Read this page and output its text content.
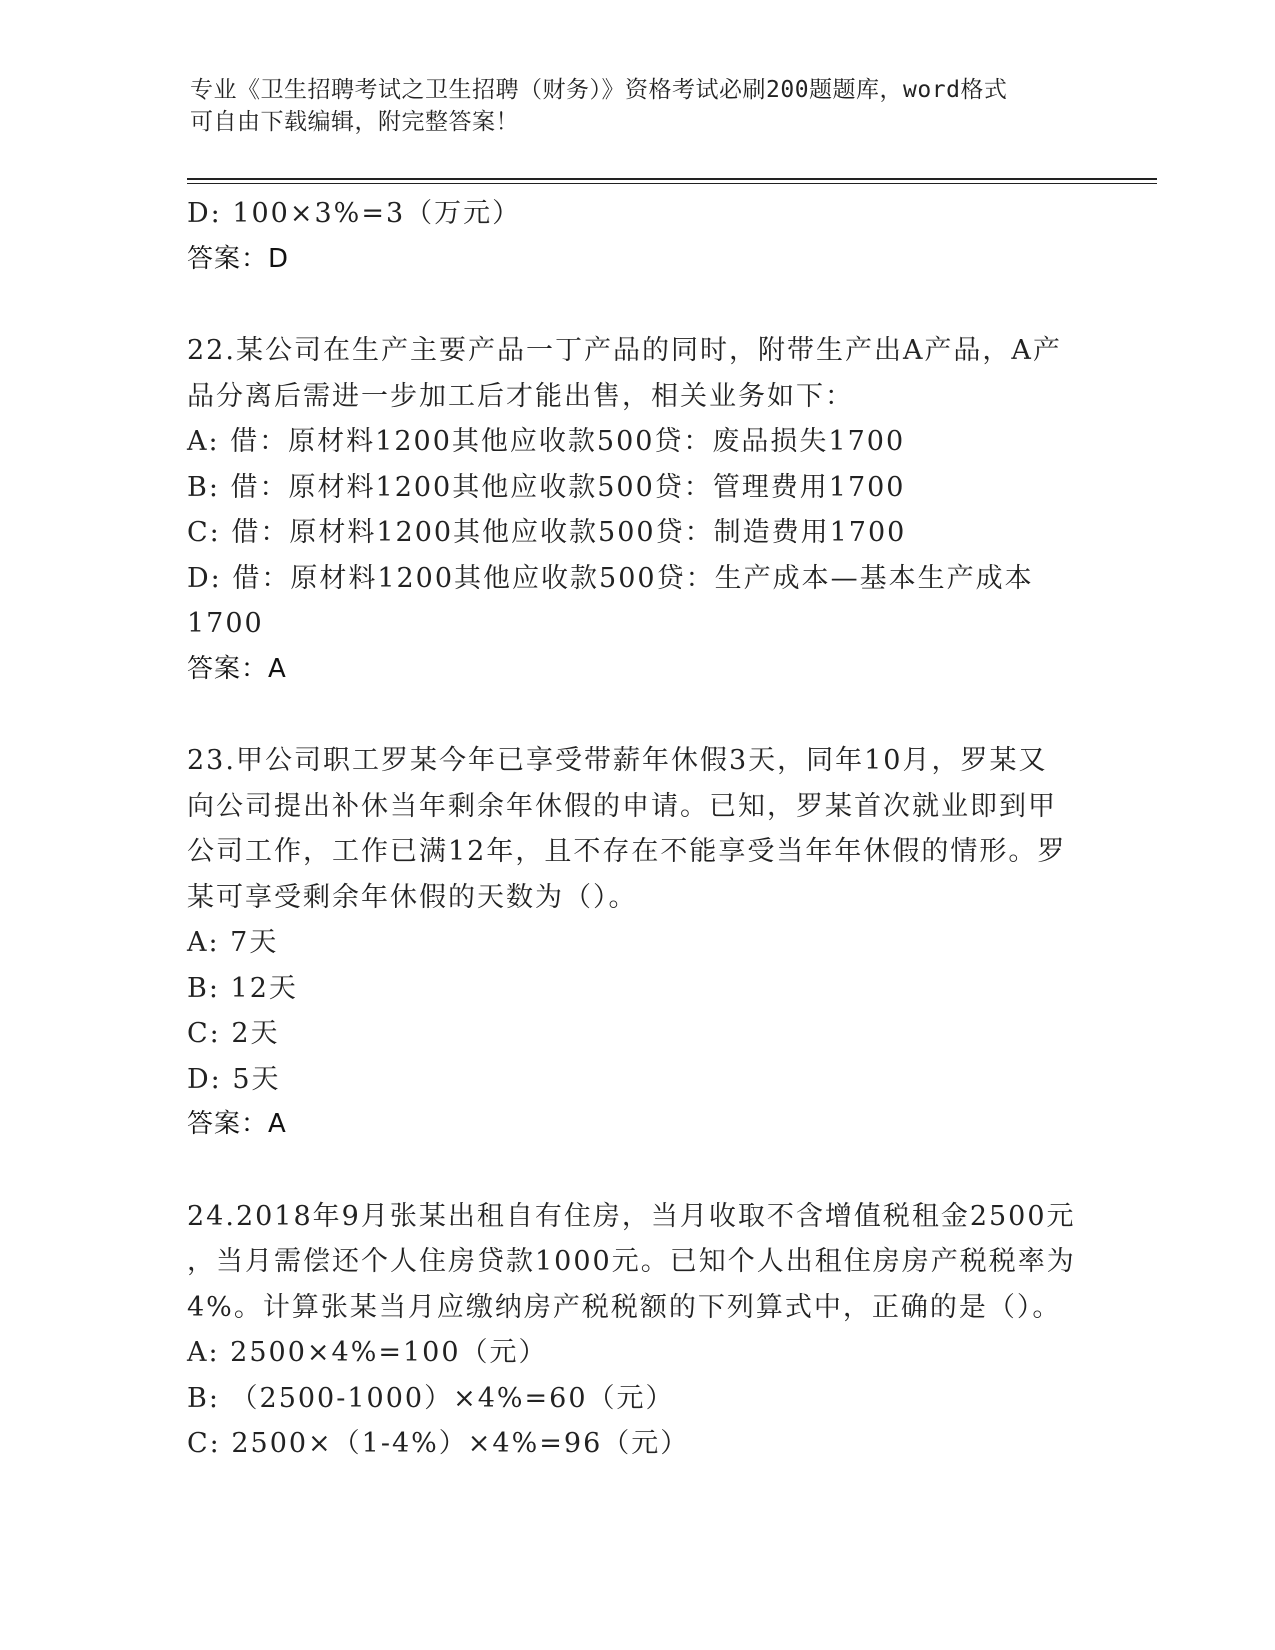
专业《卫生招聘考试之卫生招聘（财务）》资格考试必刷200题题库，word格式
可自由下载编辑，附完整答案！
D: 100×3%=3（万元）
答案：D
22.某公司在生产主要产品一丁产品的同时，附带生产出A产品，A产
品分离后需进一步加工后才能出售，相关业务如下：
A: 借：原材料1200其他应收款500贷：废品损失1700
B: 借：原材料1200其他应收款500贷：管理费用1700
C: 借：原材料1200其他应收款500贷：制造费用1700
D: 借：原材料1200其他应收款500贷：生产成本—基本生产成本
1700
答案：A
23.甲公司职工罗某今年已享受带薪年休假3天，同年10月，罗某又
向公司提出补休当年剩余年休假的申请。已知，罗某首次就业即到甲
公司工作，工作已满12年，且不存在不能享受当年年休假的情形。罗
某可享受剩余年休假的天数为（）。
A: 7天
B: 12天
C: 2天
D: 5天
答案：A
24.2018年9月张某出租自有住房，当月收取不含增值税租金2500元
，当月需偿还个人住房贷款1000元。已知个人出租住房房产税税率为
4%。计算张某当月应缴纳房产税税额的下列算式中，正确的是（）。
A: 2500×4%=100（元）
B: （2500-1000）×4%=60（元）
C: 2500×（1-4%）×4%=96（元）
